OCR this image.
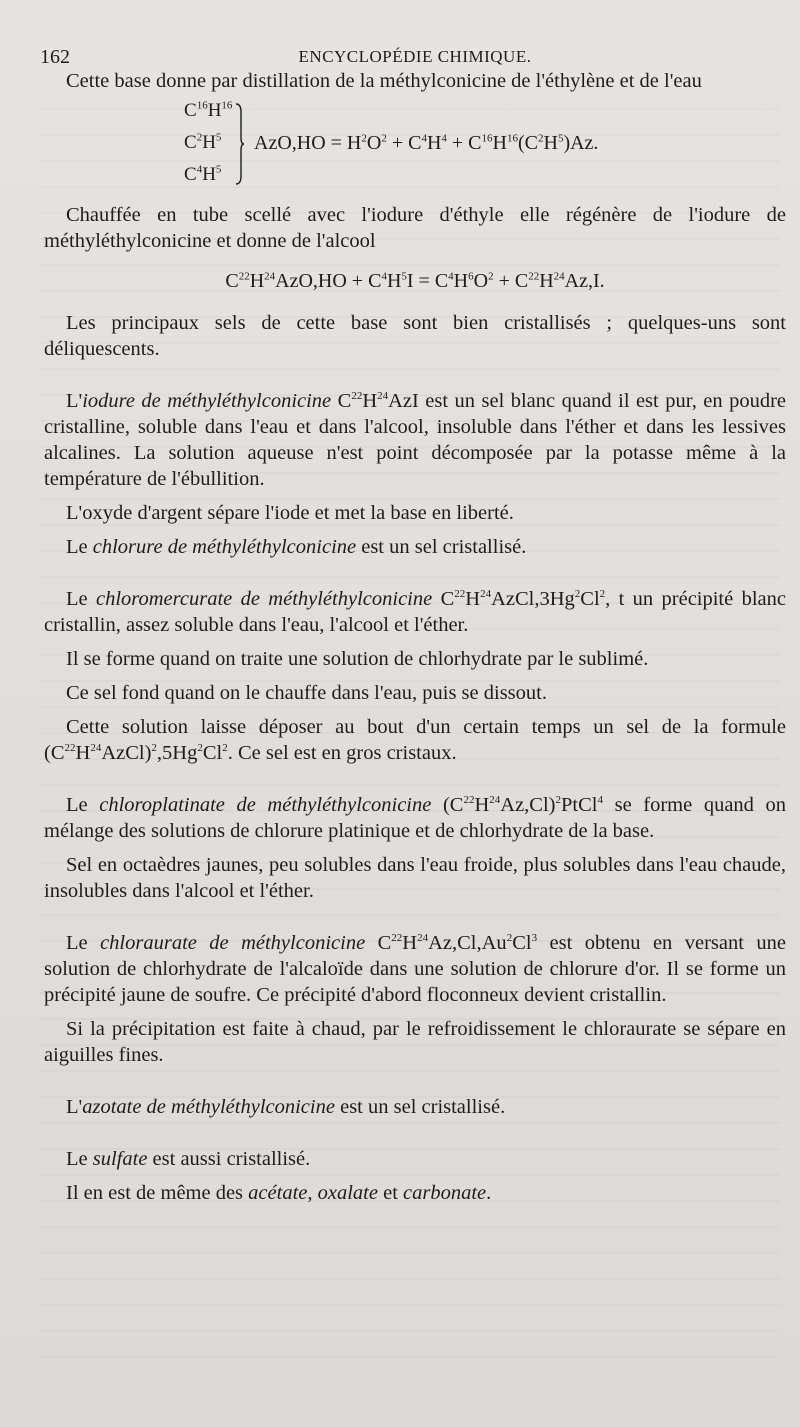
162	ENCYCLOPÉDIE CHIMIQUE.

Cette base donne par distillation de la méthylconicine de l'éthylène et de l'eau

$C^{16}H^{16}$
$C^2H^5$
$C^4H^5$
$AzO,HO = H^2O^2 + C^4H^4 + C^{16}H^{16}(C^2H^5)Az$.

Chauffée en tube scellé avec l'iodure d'éthyle elle régénère de l'iodure de méthyléthylconicine et donne de l'alcool

$C^{22}H^{24}AzO,HO + C^4H^5I = C^4H^6O^2 + C^{22}H^{24}Az,I$.

Les principaux sels de cette base sont bien cristallisés ; quelques-uns sont déliquescents.

L'iodure de méthyléthylconicine $C^{22}H^{24}AzI$ est un sel blanc quand il est pur, en poudre cristalline, soluble dans l'eau et dans l'alcool, insoluble dans l'éther et dans les lessives alcalines. La solution aqueuse n'est point décomposée par la potasse même à la température de l'ébullition.

L'oxyde d'argent sépare l'iode et met la base en liberté.

Le chlorure de méthyléthylconicine est un sel cristallisé.

Le chloromercurate de méthyléthylconicine $C^{22}H^{24}AzCl,3Hg^2Cl^2$, t un précipité blanc cristallin, assez soluble dans l'eau, l'alcool et l'éther.

Il se forme quand on traite une solution de chlorhydrate par le sublimé.

Ce sel fond quand on le chauffe dans l'eau, puis se dissout.

Cette solution laisse déposer au bout d'un certain temps un sel de la formule $(C^{22}H^{24}AzCl)^2,5Hg^2Cl^2$. Ce sel est en gros cristaux.

Le chloroplatinate de méthyléthylconicine $(C^{22}H^{24}Az,Cl)^2PtCl^4$ se forme quand on mélange des solutions de chlorure platinique et de chlorhydrate de la base.

Sel en octaèdres jaunes, peu solubles dans l'eau froide, plus solubles dans l'eau chaude, insolubles dans l'alcool et l'éther.

Le chloraurate de méthylconicine $C^{22}H^{24}Az,Cl,Au^2Cl^3$ est obtenu en versant une solution de chlorhydrate de l'alcaloïde dans une solution de chlorure d'or. Il se forme un précipité jaune de soufre. Ce précipité d'abord floconneux devient cristallin.

Si la précipitation est faite à chaud, par le refroidissement le chloraurate se sépare en aiguilles fines.

L'azotate de méthyléthylconicine est un sel cristallisé.

Le sulfate est aussi cristallisé.

Il en est de même des acétate, oxalate et carbonate.
